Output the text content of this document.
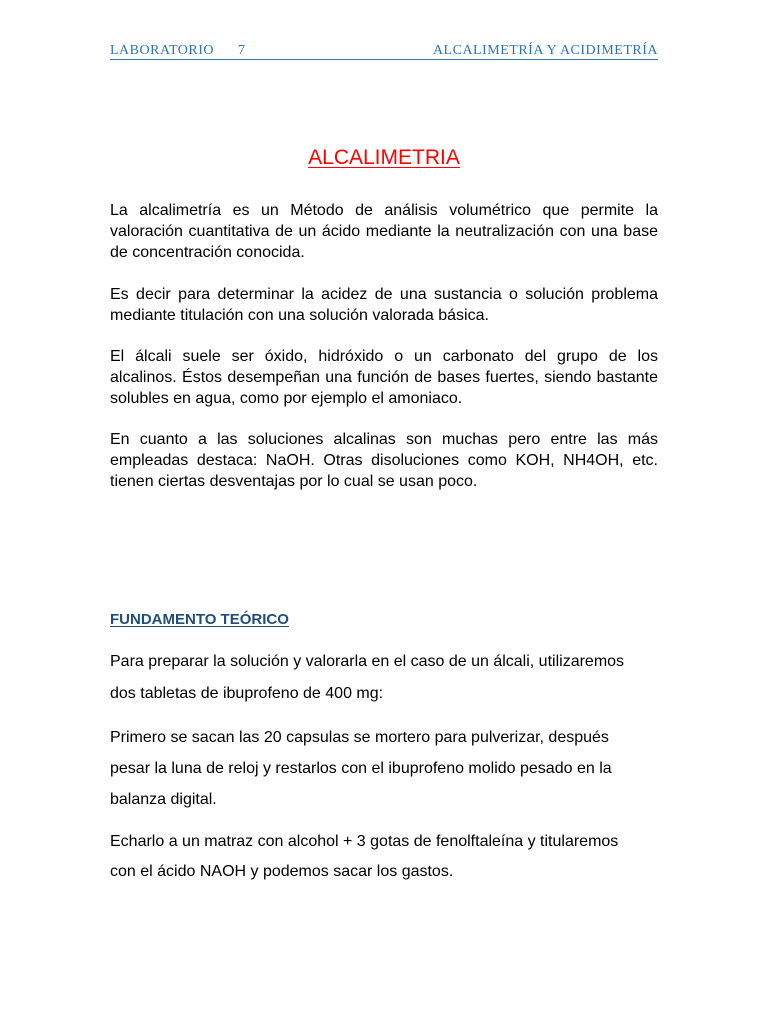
LABORATORIO 7	ALCALIMETRÍA Y ACIDIMETRÍA
ALCALIMETRIA
La alcalimetría es un Método de análisis volumétrico que permite la
valoración cuantitativa de un ácido mediante la neutralización con una base
de concentración conocida.
Es decir para determinar la acidez de una sustancia o solución problema
mediante titulación con una solución valorada básica.
El álcali suele ser óxido, hidróxido o un carbonato del grupo de los
alcalinos. Éstos desempeñan una función de bases fuertes, siendo bastante
solubles en agua, como por ejemplo el amoniaco.
En cuanto a las soluciones alcalinas son muchas pero entre las más
empleadas destaca: NaOH. Otras disoluciones como KOH, NH4OH, etc.
tienen ciertas desventajas por lo cual se usan poco.
FUNDAMENTO TEÓRICO
Para preparar la solución y valorarla en el caso de un álcali, utilizaremos
dos tabletas de ibuprofeno de 400 mg:
Primero se sacan las 20 capsulas se mortero para pulverizar, después
pesar la luna de reloj y restarlos con el ibuprofeno molido pesado en la
balanza digital.
Echarlo a un matraz con alcohol + 3 gotas de fenolftaleína y titularemos
con el ácido NAOH y podemos sacar los gastos.
